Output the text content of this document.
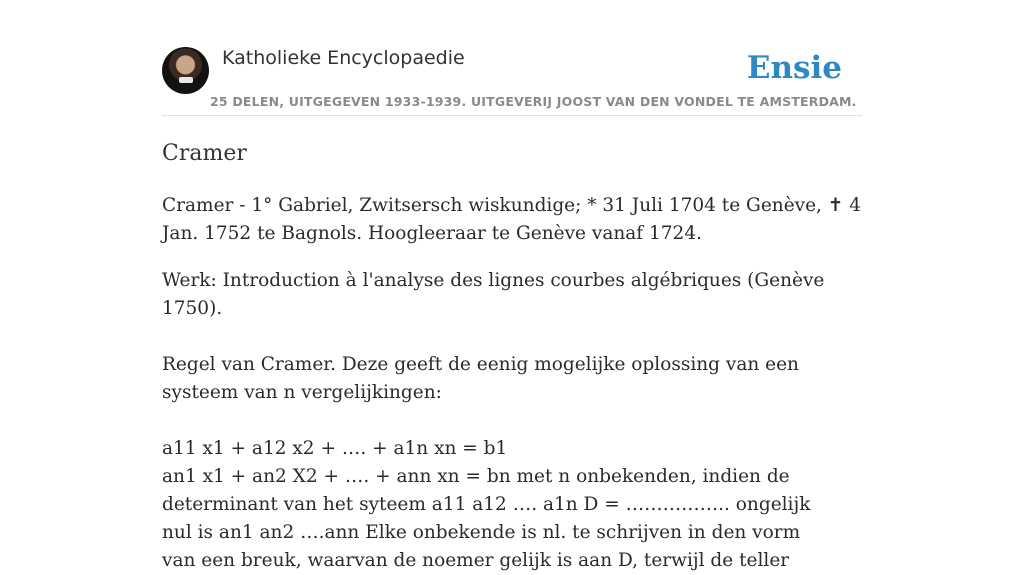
Katholieke Encyclopaedie	Ensie
25 DELEN, UITGEGEVEN 1933-1939. UITGEVERIJ JOOST VAN DEN VONDEL TE AMSTERDAM.
Cramer

Cramer - 1° Gabriel, Zwitsersch wiskundige; * 31 Juli 1704 te Genève, ✝ 4 Jan. 1752 te Bagnols. Hoogleeraar te Genève vanaf 1724.

Werk: Introduction à l'analyse des lignes courbes algébriques (Genève 1750).

Regel van Cramer. Deze geeft de eenig mogelijke oplossing van een systeem van n vergelijkingen:

a11 x1 + a12 x2 + …. + a1n xn = b1an1 x1 + an2 X2 + …. + ann xn = bn met n onbekenden, indien de determinant van het syteem a11 a12 …. a1n D = …………….. ongelijk nul is an1 an2 ….ann Elke onbekende is nl. te schrijven in den vorm van een breuk, waarvan de noemer gelijk is aan D, terwijl de teller
